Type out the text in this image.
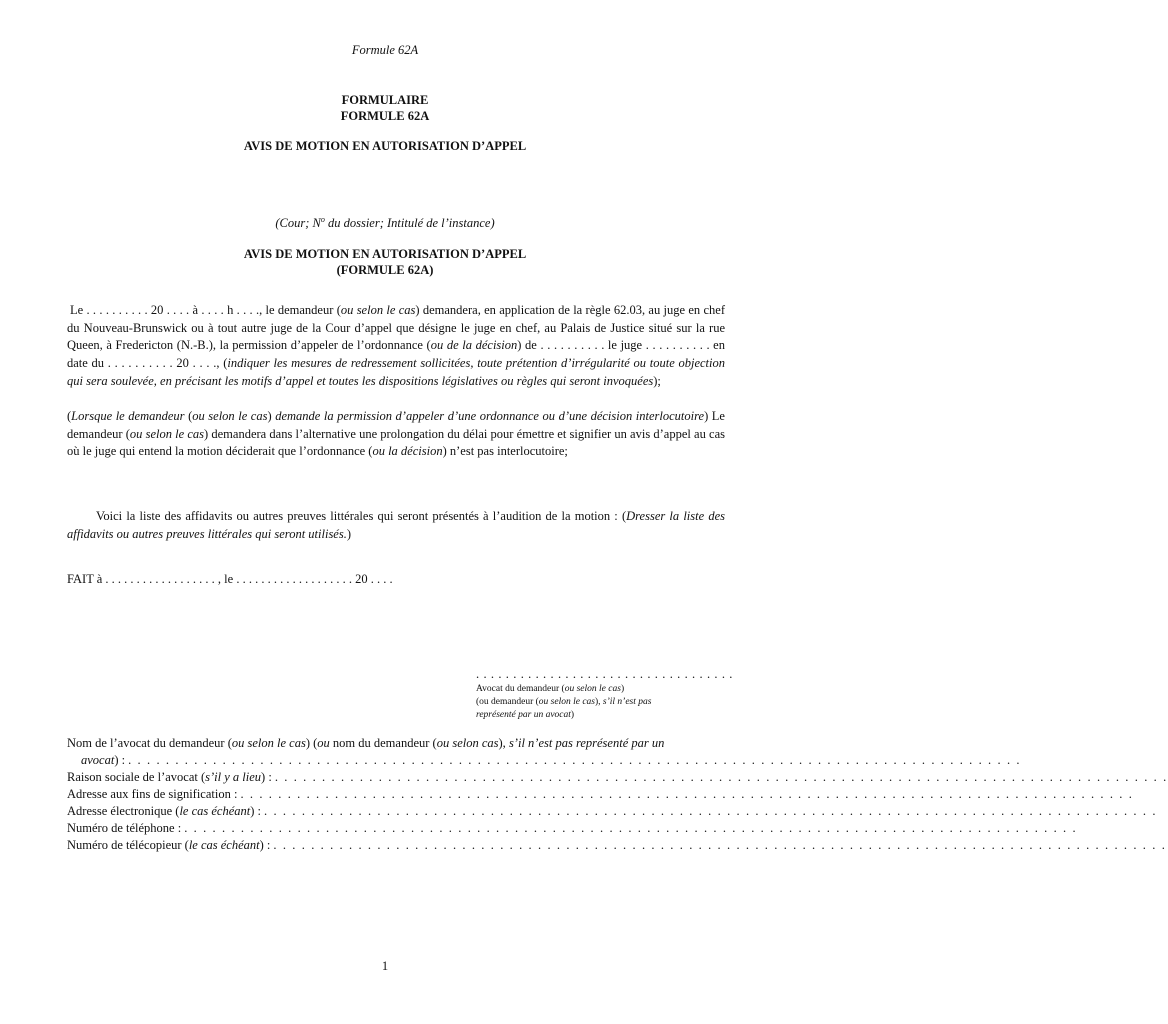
Formule 62A
FORMULAIRE
FORMULE 62A
AVIS DE MOTION EN AUTORISATION D’APPEL
(Cour; $N^o$ du dossier; Intitulé de l’instance)
AVIS DE MOTION EN AUTORISATION D’APPEL
(FORMULE 62A)
Le . . . . . . . . . . 20 . . . . à . . . . h . . . ., le demandeur (ou selon le cas) demandera, en application de la règle 62.03, au juge en chef du Nouveau-Brunswick ou à tout autre juge de la Cour d’appel que désigne le juge en chef, au Palais de Justice situé sur la rue Queen, à Fredericton (N.-B.), la permission d’appeler de l’ordonnance (ou de la décision) de . . . . . . . . . . le juge . . . . . . . . . . en date du . . . . . . . . . . 20 . . . ., (indiquer les mesures de redressement sollicitées, toute prétention d’irrégularité ou toute objection qui sera soulevée, en précisant les motifs d’appel et toutes les dispositions législatives ou règles qui seront invoquées);
(Lorsque le demandeur (ou selon le cas) demande la permission d’appeler d’une ordonnance ou d’une décision interlocutoire) Le demandeur (ou selon le cas) demandera dans l’alternative une prolongation du délai pour émettre et signifier un avis d’appel au cas où le juge qui entend la motion déciderait que l’ordonnance (ou la décision) n’est pas interlocutoire;
Voici la liste des affidavits ou autres preuves littérales qui seront présentés à l’audition de la motion : (Dresser la liste des affidavits ou autres preuves littérales qui seront utilisés.)
FAIT à . . . . . . . . . . . . . . . . . . , le . . . . . . . . . . . . . . . . . . . 20 . . . .
. . . . . . . . . . . . . . . . . . . . . . . . . . . . . . . . . . .
Avocat du demandeur (ou selon le cas)
(ou demandeur (ou selon le cas), s’il n’est pas
représenté par un avocat)
Nom de l’avocat du demandeur (ou selon le cas) (ou nom du demandeur (ou selon cas), s’il n’est pas représenté par un
avocat ) : . . . . . . . . . . . . . . . . . . . . . . . . . . . . . . . . . . . . . . . . . . . . . . . . . . . . . . . . . . . . . . . . . . . . . . . . . . . . . . . . . . . . . . . . . . . . . . .
Raison sociale de l’avocat ( s’il y a lieu ) : . . . . . . . . . . . . . . . . . . . . . . . . . . . . . . . . . . . . . . . . . . . . . . . . . . . . . . . . . . . . . . . . . . . . . . . . . . . . . . . . . . . . . . . . . . . . . . .
Adresse aux fins de signification : . . . . . . . . . . . . . . . . . . . . . . . . . . . . . . . . . . . . . . . . . . . . . . . . . . . . . . . . . . . . . . . . . . . . . . . . . . . . . . . . . . . . . . . . . . . . . . .
Adresse électronique ( le cas échéant ) : . . . . . . . . . . . . . . . . . . . . . . . . . . . . . . . . . . . . . . . . . . . . . . . . . . . . . . . . . . . . . . . . . . . . . . . . . . . . . . . . . . . . . . . . . . . . . . .
Numéro de téléphone : . . . . . . . . . . . . . . . . . . . . . . . . . . . . . . . . . . . . . . . . . . . . . . . . . . . . . . . . . . . . . . . . . . . . . . . . . . . . . . . . . . . . . . . . . . . . . . .
Numéro de télécopieur ( le cas échéant ) : . . . . . . . . . . . . . . . . . . . . . . . . . . . . . . . . . . . . . . . . . . . . . . . . . . . . . . . . . . . . . . . . . . . . . . . . . . . . . . . . . . . . . . . . . . . . . . .
1
